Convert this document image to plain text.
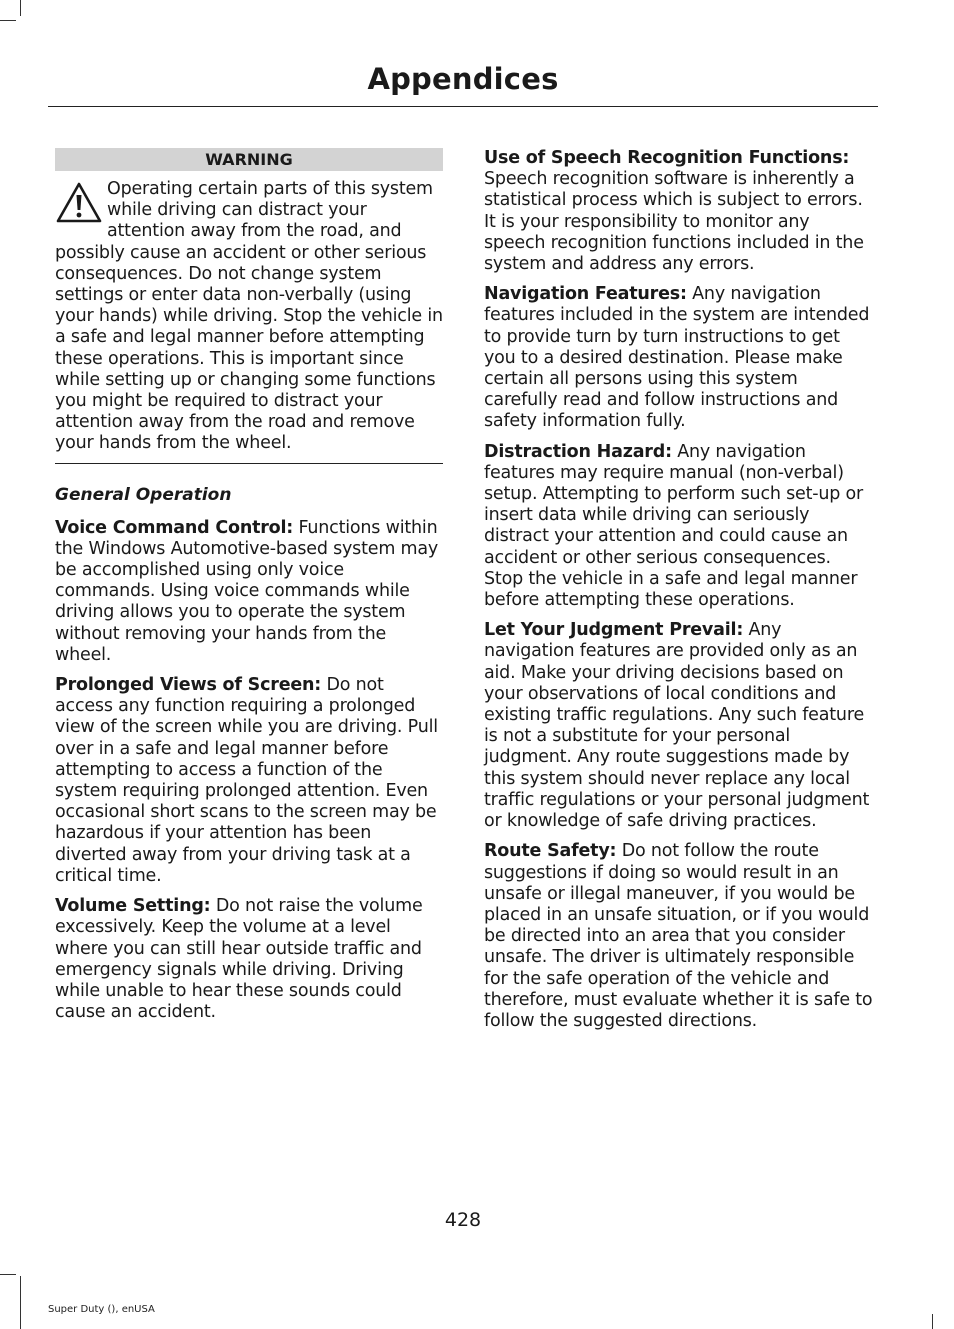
Appendices
WARNING
Operating certain parts of this system while driving can distract your attention away from the road, and possibly cause an accident or other serious consequences. Do not change system settings or enter data non-verbally (using your hands) while driving. Stop the vehicle in a safe and legal manner before attempting these operations. This is important since while setting up or changing some functions you might be required to distract your attention away from the road and remove your hands from the wheel.
General Operation

Voice Command Control: Functions within the Windows Automotive-based system may be accomplished using only voice commands. Using voice commands while driving allows you to operate the system without removing your hands from the wheel.

Prolonged Views of Screen: Do not access any function requiring a prolonged view of the screen while you are driving. Pull over in a safe and legal manner before attempting to access a function of the system requiring prolonged attention. Even occasional short scans to the screen may be hazardous if your attention has been diverted away from your driving task at a critical time.

Volume Setting: Do not raise the volume excessively. Keep the volume at a level where you can still hear outside traffic and emergency signals while driving. Driving while unable to hear these sounds could cause an accident.

Use of Speech Recognition Functions: Speech recognition software is inherently a statistical process which is subject to errors. It is your responsibility to monitor any speech recognition functions included in the system and address any errors.

Navigation Features: Any navigation features included in the system are intended to provide turn by turn instructions to get you to a desired destination. Please make certain all persons using this system carefully read and follow instructions and safety information fully.

Distraction Hazard: Any navigation features may require manual (non-verbal) setup. Attempting to perform such set-up or insert data while driving can seriously distract your attention and could cause an accident or other serious consequences. Stop the vehicle in a safe and legal manner before attempting these operations.

Let Your Judgment Prevail: Any navigation features are provided only as an aid. Make your driving decisions based on your observations of local conditions and existing traffic regulations. Any such feature is not a substitute for your personal judgment. Any route suggestions made by this system should never replace any local traffic regulations or your personal judgment or knowledge of safe driving practices.

Route Safety: Do not follow the route suggestions if doing so would result in an unsafe or illegal maneuver, if you would be placed in an unsafe situation, or if you would be directed into an area that you consider unsafe. The driver is ultimately responsible for the safe operation of the vehicle and therefore, must evaluate whether it is safe to follow the suggested directions.

428
Super Duty (), enUSA
